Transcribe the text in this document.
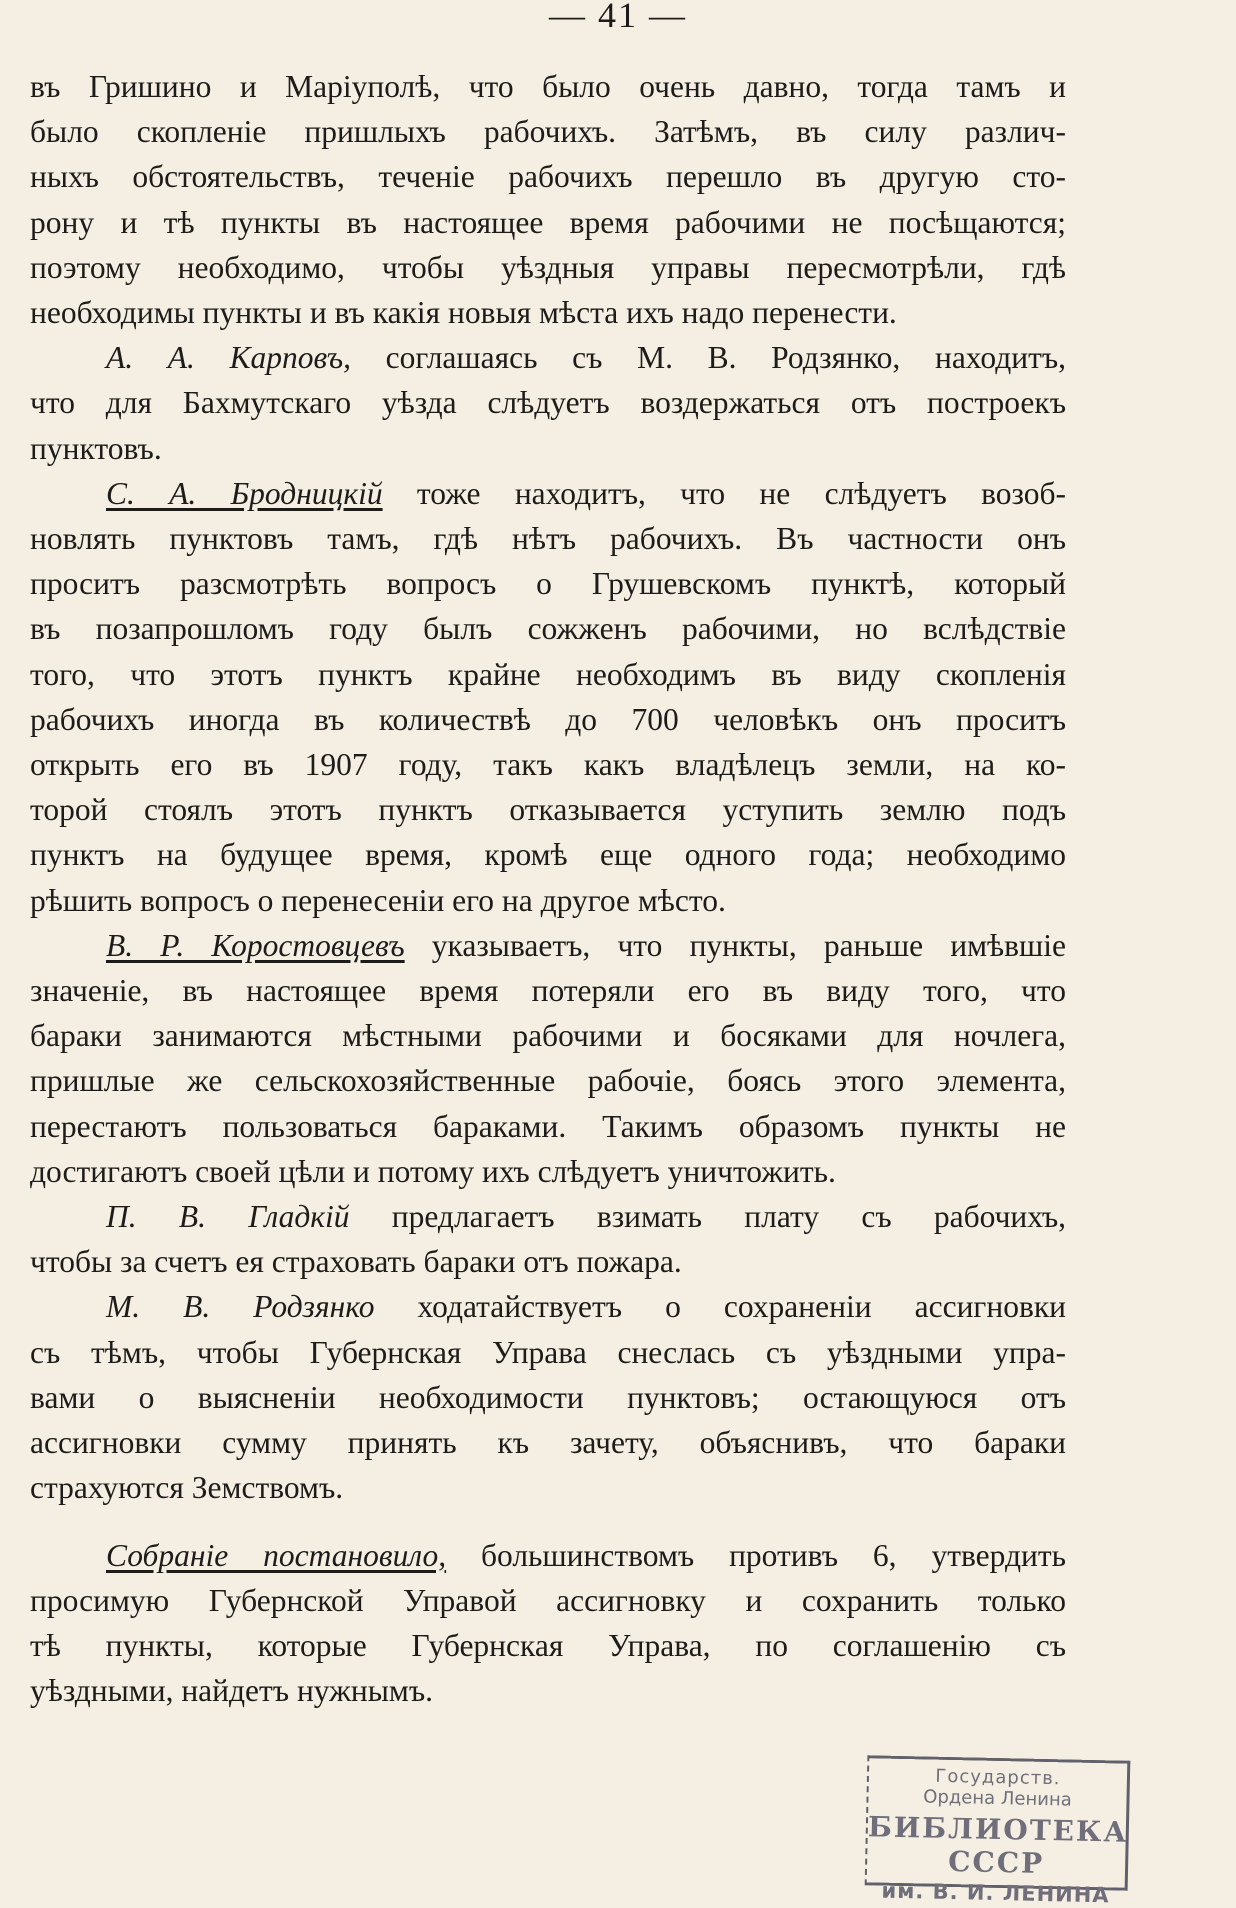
— 41 —

въ Гришино и Маріуполѣ, что было очень давно, тогда тамъ и
было скопленіе пришлыхъ рабочихъ. Затѣмъ, въ силу различ-
ныхъ обстоятельствъ, теченіе рабочихъ перешло въ другую сто-
рону и тѣ пункты въ настоящее время рабочими не посѣщаются;
поэтому необходимо, чтобы уѣздныя управы пересмотрѣли, гдѣ
необходимы пункты и въ какія новыя мѣста ихъ надо перенести.

А. А. Карповъ, соглашаясь съ М. В. Родзянко, находитъ,
что для Бахмутскаго уѣзда слѣдуетъ воздержаться отъ построекъ
пунктовъ.

С. А. Бродницкій тоже находитъ, что не слѣдуетъ возоб-
новлять пунктовъ тамъ, гдѣ нѣтъ рабочихъ. Въ частности онъ
проситъ разсмотрѣть вопросъ о Грушевскомъ пунктѣ, который
въ позапрошломъ году былъ сожженъ рабочими, но вслѣдствіе
того, что этотъ пунктъ крайне необходимъ въ виду скопленія
рабочихъ иногда въ количествѣ до 700 человѣкъ онъ проситъ
открыть его въ 1907 году, такъ какъ владѣлецъ земли, на ко-
торой стоялъ этотъ пунктъ отказывается уступить землю подъ
пунктъ на будущее время, кромѣ еще одного года; необходимо
рѣшить вопросъ о перенесеніи его на другое мѣсто.

В. Р. Коростовцевъ указываетъ, что пункты, раньше имѣвшіе
значеніе, въ настоящее время потеряли его въ виду того, что
бараки занимаются мѣстными рабочими и босяками для ночлега,
пришлые же сельскохозяйственные рабочіе, боясь этого элемента,
перестаютъ пользоваться бараками. Такимъ образомъ пункты не
достигаютъ своей цѣли и потому ихъ слѣдуетъ уничтожить.

П. В. Гладкій предлагаетъ взимать плату съ рабочихъ,
чтобы за счетъ ея страховать бараки отъ пожара.

М. В. Родзянко ходатайствуетъ о сохраненіи ассигновки
съ тѣмъ, чтобы Губернская Управа снеслась съ уѣздными упра-
вами о выясненіи необходимости пунктовъ; остающуюся отъ
ассигновки сумму принять къ зачету, объяснивъ, что бараки
страхуются Земствомъ.

Собраніе постановило, большинствомъ противъ 6, утвердить
просимую Губернской Управой ассигновку и сохранить только
тѣ пункты, которые Губернская Управа, по соглашенію съ
уѣздными, найдетъ нужнымъ.

Государств.
Ордена Ленина
БИБЛИОТЕКА СССР
им. В. И. ЛЕНИНА
